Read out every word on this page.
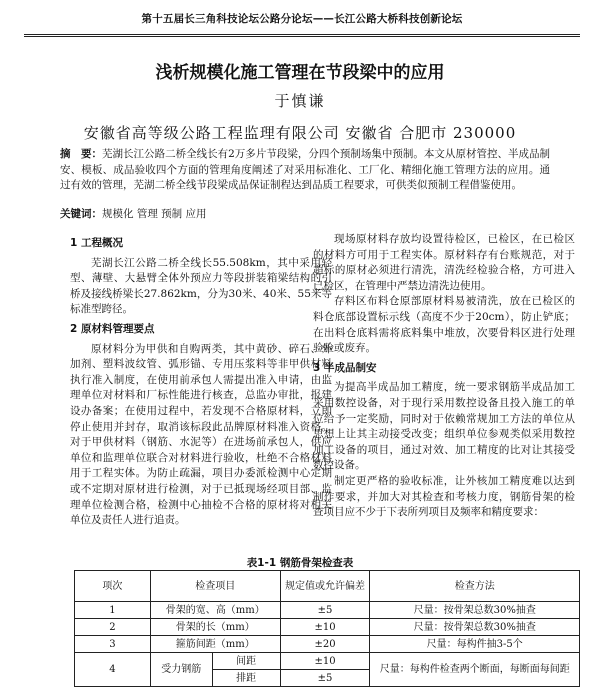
第十五届长三角科技论坛公路分论坛——长江公路大桥科技创新论坛
浅析规模化施工管理在节段梁中的应用
于慎谦
安徽省高等级公路工程监理有限公司 安徽省 合肥市 230000
摘　要：芜湖长江公路二桥全线长有2万多片节段梁，分四个预制场集中预制。本文从原材管控、半成品制安、模板、成品验收四个方面的管理角度阐述了对采用标准化、工厂化、精细化施工管理方法的应用。通过有效的管理，芜湖二桥全线节段梁成品保证制程达到品质工程要求，可供类似预制工程借鉴使用。
关键词：规模化 管理 预制 应用
1 工程概况

芜湖长江公路二桥全线长55.508km，其中采用轻型、薄壁、大悬臂全体外预应力等段拼装箱梁结构的引桥及接线桥梁长27.862km，分为30米、40米、55米等标准型跨径。

2 原材料管理要点

原材料分为甲供和自购两类，其中黄砂、碎石、外加剂、塑料波纹管、弧形锚、专用压浆料等非甲供材料执行准入制度，在使用前承包人需提出准入申请，由监理单位对材料和厂标性能进行核查，总监办审批，报建设办备案；在使用过程中，若发现不合格原材料，立即停止使用并封存，取消该标段此品牌原材料准入资格。对于甲供材料（钢筋、水泥等）在进场前承包人，供应单位和监理单位联合对材料进行验收，杜绝不合格材料用于工程实体。为防止疏漏，项目办委派检测中心定期或不定期对原材进行检测，对于已抵现场经项目部、监理单位检测合格，检测中心抽检不合格的原材将对相关单位及责任人进行追责。

现场原材料存放均设置待检区，已检区，在已检区的材料方可用于工程实体。原材料存有台账规范，对于超标的原材必须进行清洗，清洗经检验合格，方可进入已检区，在管理中严禁边清洗边使用。

存料区布料仓原部原材料易被清洗，放在已检区的料仓底部设置标示线（高度不少于20cm），防止铲底；在出料仓底料需将底料集中堆放，次要骨料区进行处理验验或废弃。

3 半成品制安

为提高半成品加工精度，统一要求钢筋半成品加工采用数控设备，对于现行采用数控设备且投入施工的单位给予一定奖励，同时对于依赖常规加工方法的单位从思想上让其主动接受改变；组织单位参观类似采用数控加工设备的项目，通过对效、加工精度的比对让其接受数控设备。

制定更严格的验收标准，让外核加工精度难以达到制作要求，并加大对其检查和考核力度，钢筋骨架的检查项目应不少于下表所列项目及频率和精度要求：

表1-1 钢筋骨架检查表
项次	检查项目		规定值或允许偏差	检查方法
1	骨架的宽、高（mm）		±5	尺量：按骨架总数30%抽查
2	骨架的长（mm）		±10	尺量：按骨架总数30%抽查
3	箍筋间距（mm）		±20	尺量：每构件抽3-5个
4	受力钢筋	间距	±10	尺量：每构件检查两个断面，每断面每间距
		排距	±5	
